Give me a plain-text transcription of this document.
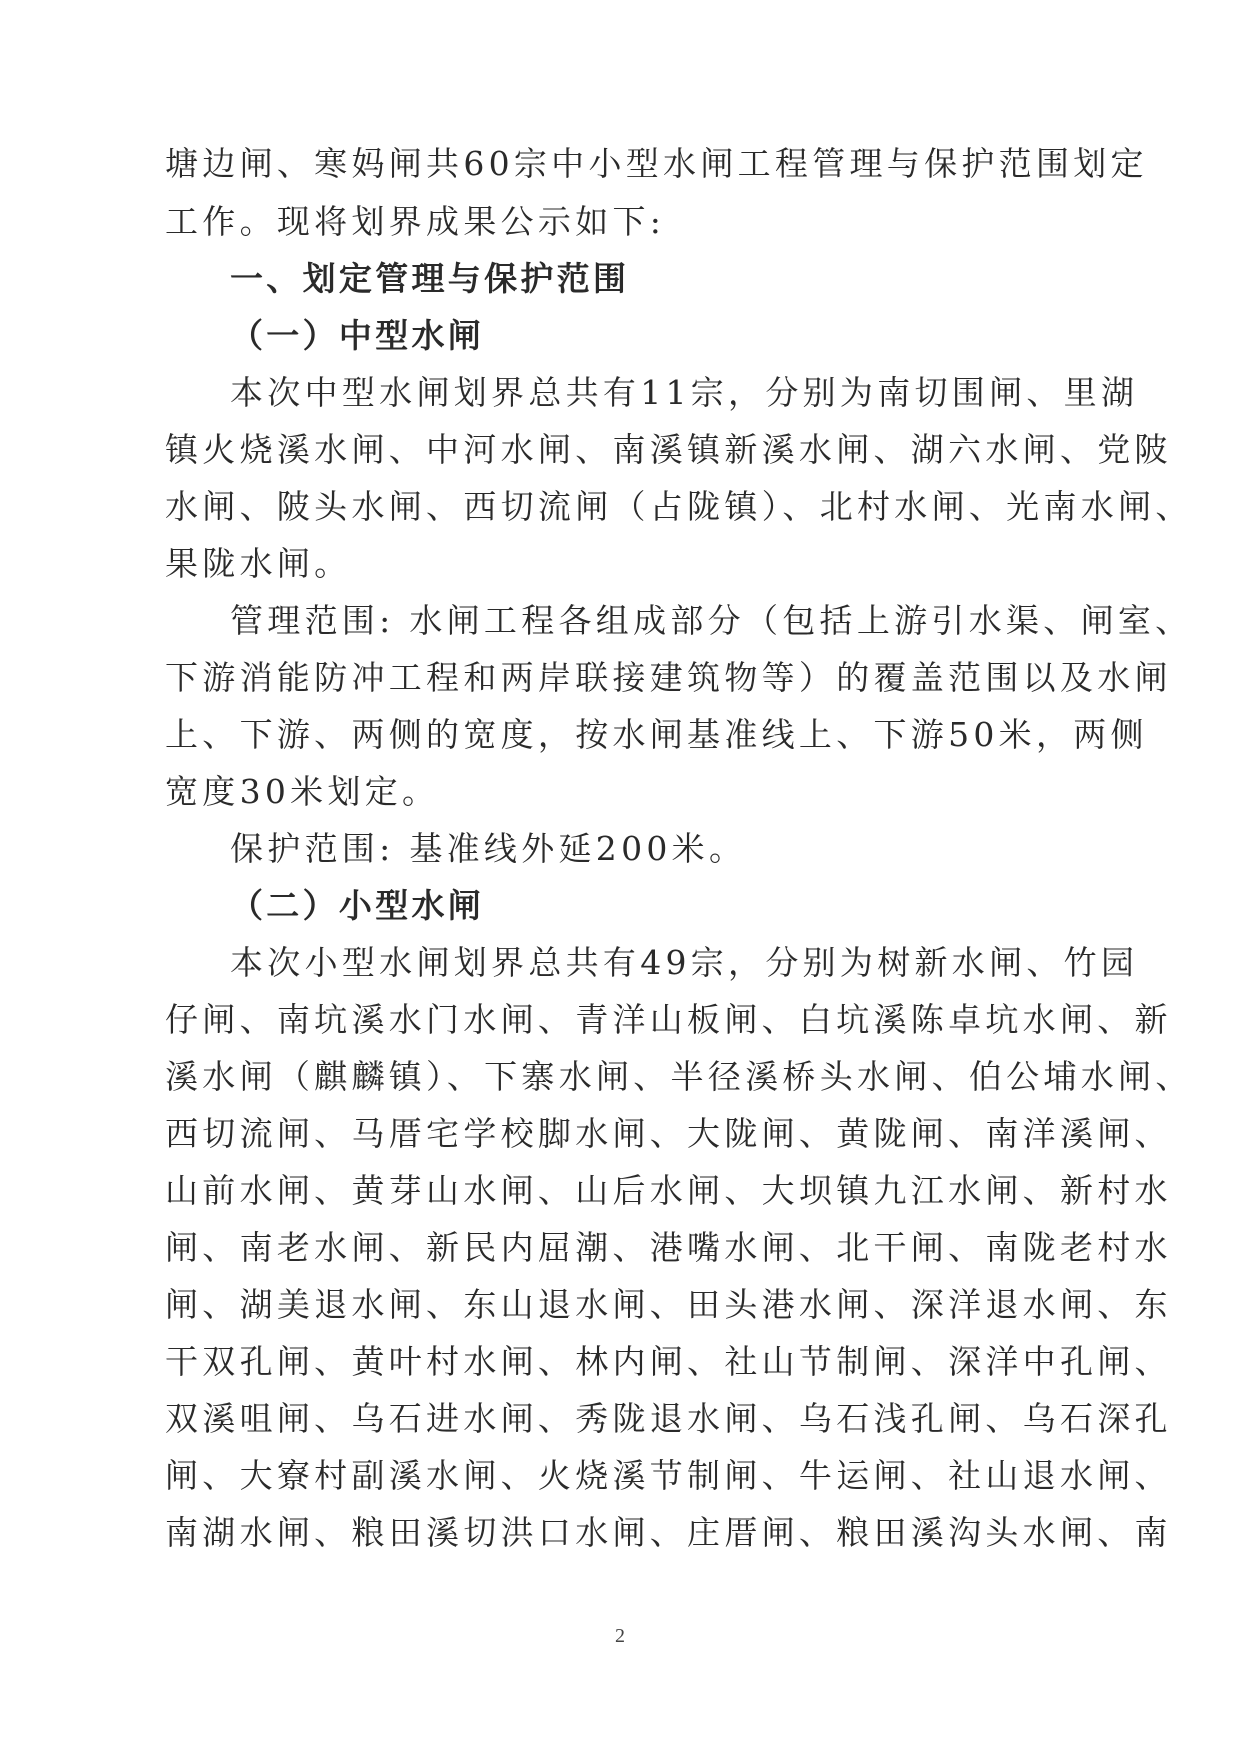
塘边闸、寒妈闸共60宗中小型水闸工程管理与保护范围划定
工作。现将划界成果公示如下:
一、划定管理与保护范围
（一）中型水闸
本次中型水闸划界总共有11宗，分别为南切围闸、里湖
镇火烧溪水闸、中河水闸、南溪镇新溪水闸、湖六水闸、党陂
水闸、陂头水闸、西切流闸（占陇镇）、北村水闸、光南水闸、
果陇水闸。
管理范围: 水闸工程各组成部分（包括上游引水渠、闸室、
下游消能防冲工程和两岸联接建筑物等）的覆盖范围以及水闸
上、下游、两侧的宽度，按水闸基准线上、下游50米，两侧
宽度30米划定。
保护范围: 基准线外延200米。
（二）小型水闸
本次小型水闸划界总共有49宗，分别为树新水闸、竹园
仔闸、南坑溪水门水闸、青洋山板闸、白坑溪陈卓坑水闸、新
溪水闸（麒麟镇）、下寨水闸、半径溪桥头水闸、伯公埔水闸、
西切流闸、马厝宅学校脚水闸、大陇闸、黄陇闸、南洋溪闸、
山前水闸、黄芽山水闸、山后水闸、大坝镇九江水闸、新村水
闸、南老水闸、新民内屈潮、港嘴水闸、北干闸、南陇老村水
闸、湖美退水闸、东山退水闸、田头港水闸、深洋退水闸、东
干双孔闸、黄叶村水闸、林内闸、社山节制闸、深洋中孔闸、
双溪咀闸、乌石进水闸、秀陇退水闸、乌石浅孔闸、乌石深孔
闸、大寮村副溪水闸、火烧溪节制闸、牛运闸、社山退水闸、
南湖水闸、粮田溪切洪口水闸、庄厝闸、粮田溪沟头水闸、南
2
